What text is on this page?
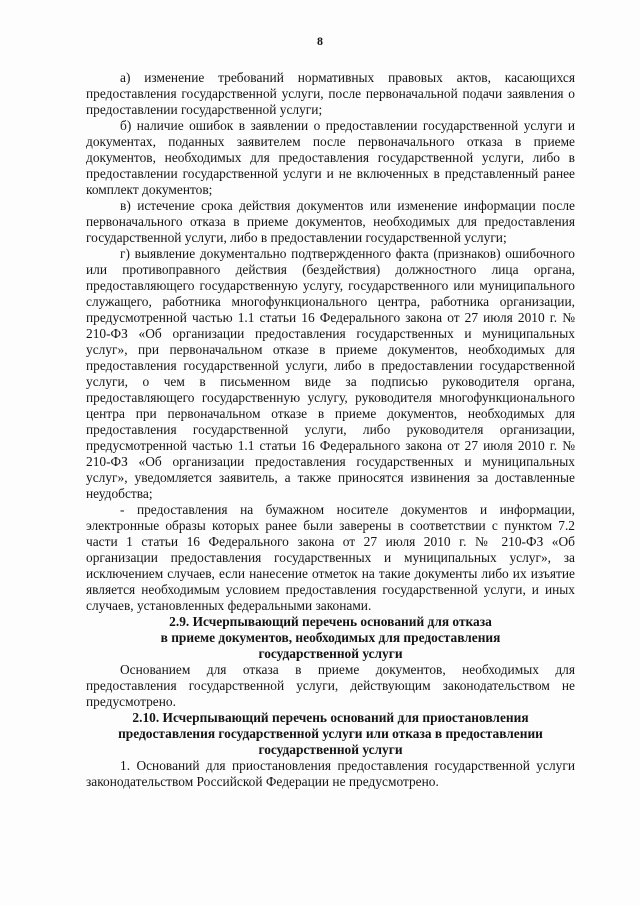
8

а) изменение требований нормативных правовых актов, касающихся предоставления государственной услуги, после первоначальной подачи заявления о предоставлении государственной услуги;

б) наличие ошибок в заявлении о предоставлении государственной услуги и документах, поданных заявителем после первоначального отказа в приеме документов, необходимых для предоставления государственной услуги, либо в предоставлении государственной услуги и не включенных в представленный ранее комплект документов;

в) истечение срока действия документов или изменение информации после первоначального отказа в приеме документов, необходимых для предоставления государственной услуги, либо в предоставлении государственной услуги;

г) выявление документально подтвержденного факта (признаков) ошибочного или противоправного действия (бездействия) должностного лица органа, предоставляющего государственную услугу, государственного или муниципального служащего, работника многофункционального центра, работника организации, предусмотренной частью 1.1 статьи 16 Федерального закона от 27 июля 2010 г. № 210-ФЗ «Об организации предоставления государственных и муниципальных услуг», при первоначальном отказе в приеме документов, необходимых для предоставления государственной услуги, либо в предоставлении государственной услуги, о чем в письменном виде за подписью руководителя органа, предоставляющего государственную услугу, руководителя многофункционального центра при первоначальном отказе в приеме документов, необходимых для предоставления государственной услуги, либо руководителя организации, предусмотренной частью 1.1 статьи 16 Федерального закона от 27 июля 2010 г. № 210-ФЗ «Об организации предоставления государственных и муниципальных услуг», уведомляется заявитель, а также приносятся извинения за доставленные неудобства;

- предоставления на бумажном носителе документов и информации, электронные образы которых ранее были заверены в соответствии с пунктом 7.2 части 1 статьи 16 Федерального закона от 27 июля 2010 г. № 210-ФЗ «Об организации предоставления государственных и муниципальных услуг», за исключением случаев, если нанесение отметок на такие документы либо их изъятие является необходимым условием предоставления государственной услуги, и иных случаев, установленных федеральными законами.

2.9. Исчерпывающий перечень оснований для отказа
в приеме документов, необходимых для предоставления
государственной услуги

Основанием для отказа в приеме документов, необходимых для предоставления государственной услуги, действующим законодательством не предусмотрено.

2.10. Исчерпывающий перечень оснований для приостановления
предоставления государственной услуги или отказа в предоставлении
государственной услуги

1. Оснований для приостановления предоставления государственной услуги законодательством Российской Федерации не предусмотрено.
